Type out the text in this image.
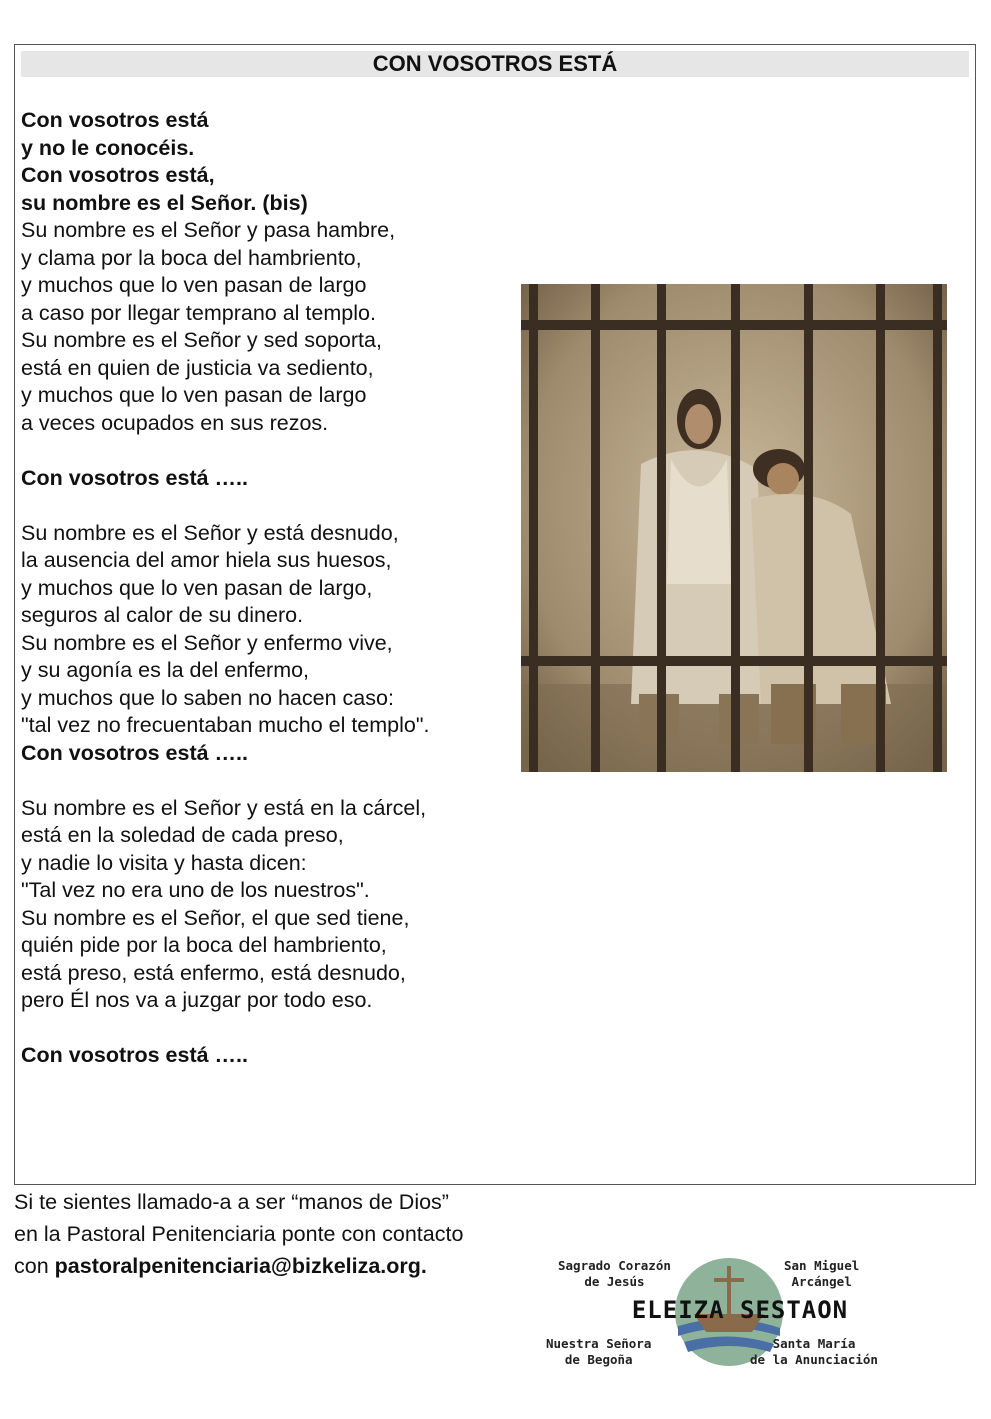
CON VOSOTROS ESTÁ
Con vosotros está
y no le conocéis.
Con vosotros está,
su nombre es el Señor. (bis)
Su nombre es el Señor y pasa hambre,
y clama por la boca del hambriento,
y muchos que lo ven pasan de largo
a caso por llegar temprano al templo.
Su nombre es el Señor y sed soporta,
está en quien de justicia va sediento,
y muchos que lo ven pasan de largo
a veces ocupados en sus rezos.
Con vosotros está …..
Su nombre es el Señor y está desnudo,
la ausencia del amor hiela sus huesos,
y muchos que lo ven pasan de largo,
seguros al calor de su dinero.
Su nombre es el Señor y enfermo vive,
y su agonía es la del enfermo,
y muchos que lo saben no hacen caso:
"tal vez no frecuentaban mucho el templo".
Con vosotros está …..
Su nombre es el Señor y está en la cárcel,
está en la soledad de cada preso,
y nadie lo visita y hasta dicen:
"Tal vez no era uno de los nuestros".
Su nombre es el Señor, el que sed tiene,
quién pide por la boca del hambriento,
está preso, está enfermo, está desnudo,
pero Él nos va a juzgar por todo eso.
Con vosotros está …..
Si te sientes llamado-a a ser “manos de Dios”
en la Pastoral Penitenciaria ponte con contacto
con pastoralpenitenciaria@bizkeliza.org.	Sagrado Corazón
de Jesús
San Miguel
Arcángel
ELEIZA SESTAON
Nuestra Señora
de Begoña
Santa María
de la Anunciación
